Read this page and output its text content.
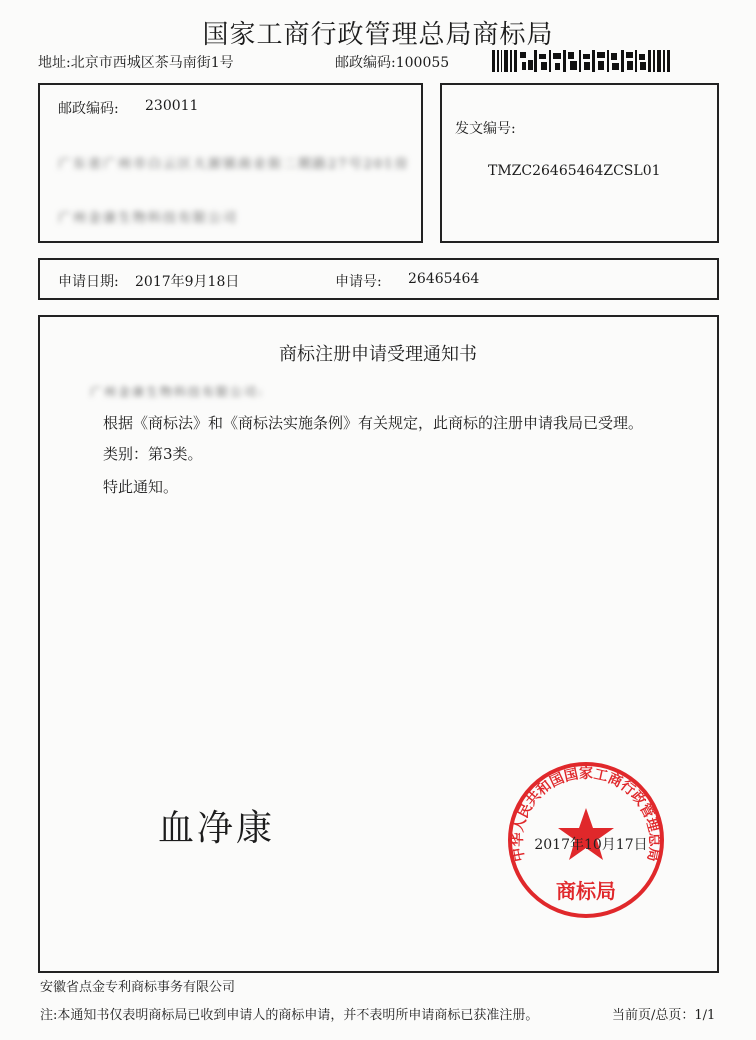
国家工商行政管理总局商标局
地址:北京市西城区茶马南街1号	邮政编码:100055
邮政编码: 230011
广东省广州市白云区大源镇商业街二期路27号201房
广州金康生物科技有限公司
发文编号:
TMZC26465464ZCSL01
申请日期: 2017年9月18日	申请号: 26465464
商标注册申请受理通知书
广州金康生物科技有限公司:
根据《商标法》和《商标法实施条例》有关规定，此商标的注册申请我局已受理。
类别：第3类。
特此通知。
血净康
中华人民共和国国家工商行政管理总局
商标局
2017年10月17日
安徽省点金专利商标事务有限公司
注:本通知书仅表明商标局已收到申请人的商标申请，并不表明所申请商标已获准注册。	当前页/总页：1/1
